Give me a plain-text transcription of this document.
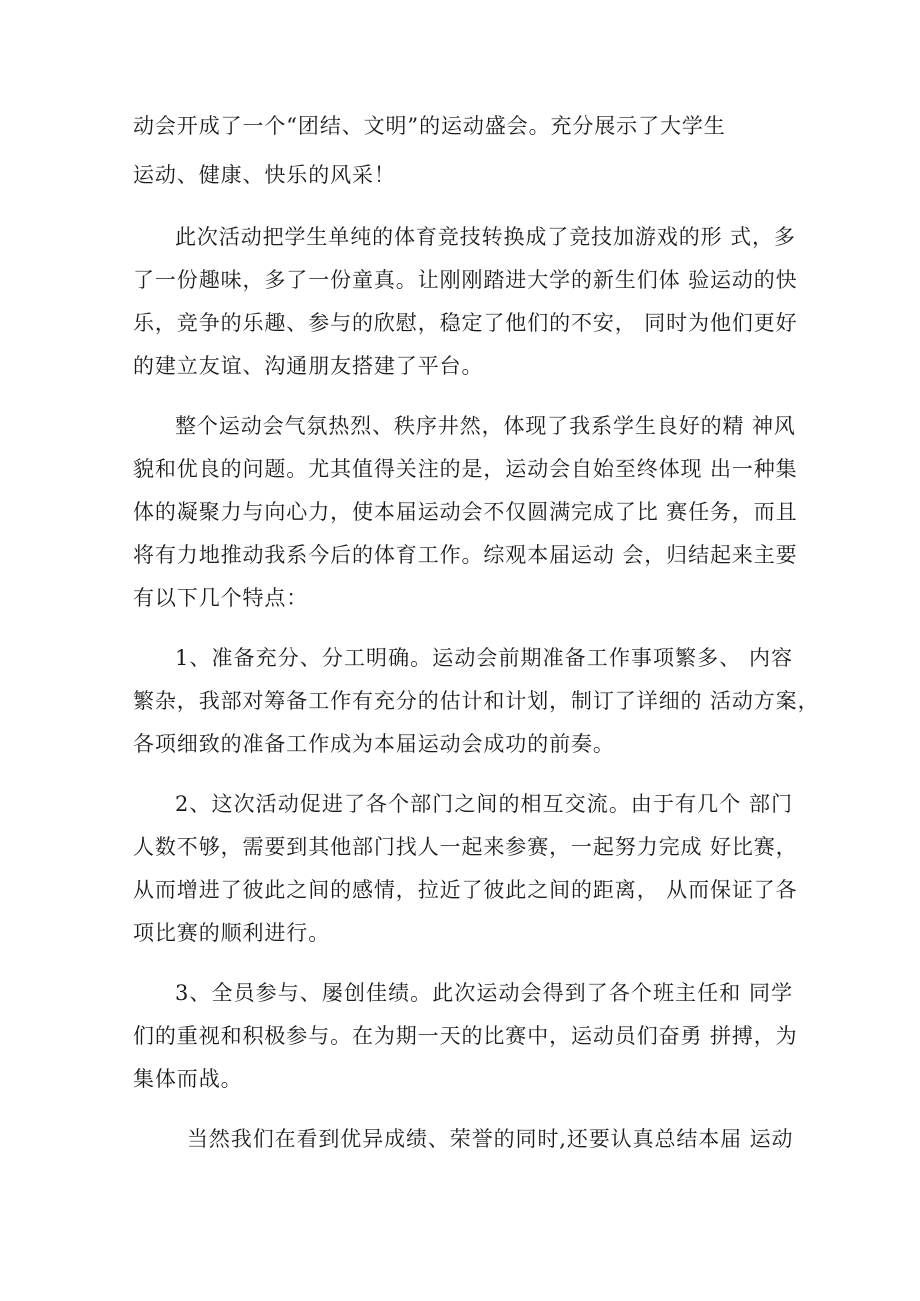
动会开成了一个“团结、文明”的运动盛会。充分展示了大学生
运动、健康、快乐的风采！
此次活动把学生单纯的体育竞技转换成了竞技加游戏的形 式，多
了一份趣味，多了一份童真。让刚刚踏进大学的新生们体 验运动的快
乐，竞争的乐趣、参与的欣慰，稳定了他们的不安， 同时为他们更好
的建立友谊、沟通朋友搭建了平台。
整个运动会气氛热烈、秩序井然，体现了我系学生良好的精 神风
貌和优良的问题。尤其值得关注的是，运动会自始至终体现 出一种集
体的凝聚力与向心力，使本届运动会不仅圆满完成了比 赛任务，而且
将有力地推动我系今后的体育工作。综观本届运动 会，归结起来主要
有以下几个特点：
1、准备充分、分工明确。运动会前期准备工作事项繁多、 内容
繁杂，我部对筹备工作有充分的估计和计划，制订了详细的 活动方案，
各项细致的准备工作成为本届运动会成功的前奏。
2、这次活动促进了各个部门之间的相互交流。由于有几个 部门
人数不够，需要到其他部门找人一起来参赛，一起努力完成 好比赛，
从而增进了彼此之间的感情，拉近了彼此之间的距离， 从而保证了各
项比赛的顺利进行。
3、全员参与、屡创佳绩。此次运动会得到了各个班主任和 同学
们的重视和积极参与。在为期一天的比赛中，运动员们奋勇 拼搏，为
集体而战。
当然我们在看到优异成绩、荣誉的同时,还要认真总结本届 运动
